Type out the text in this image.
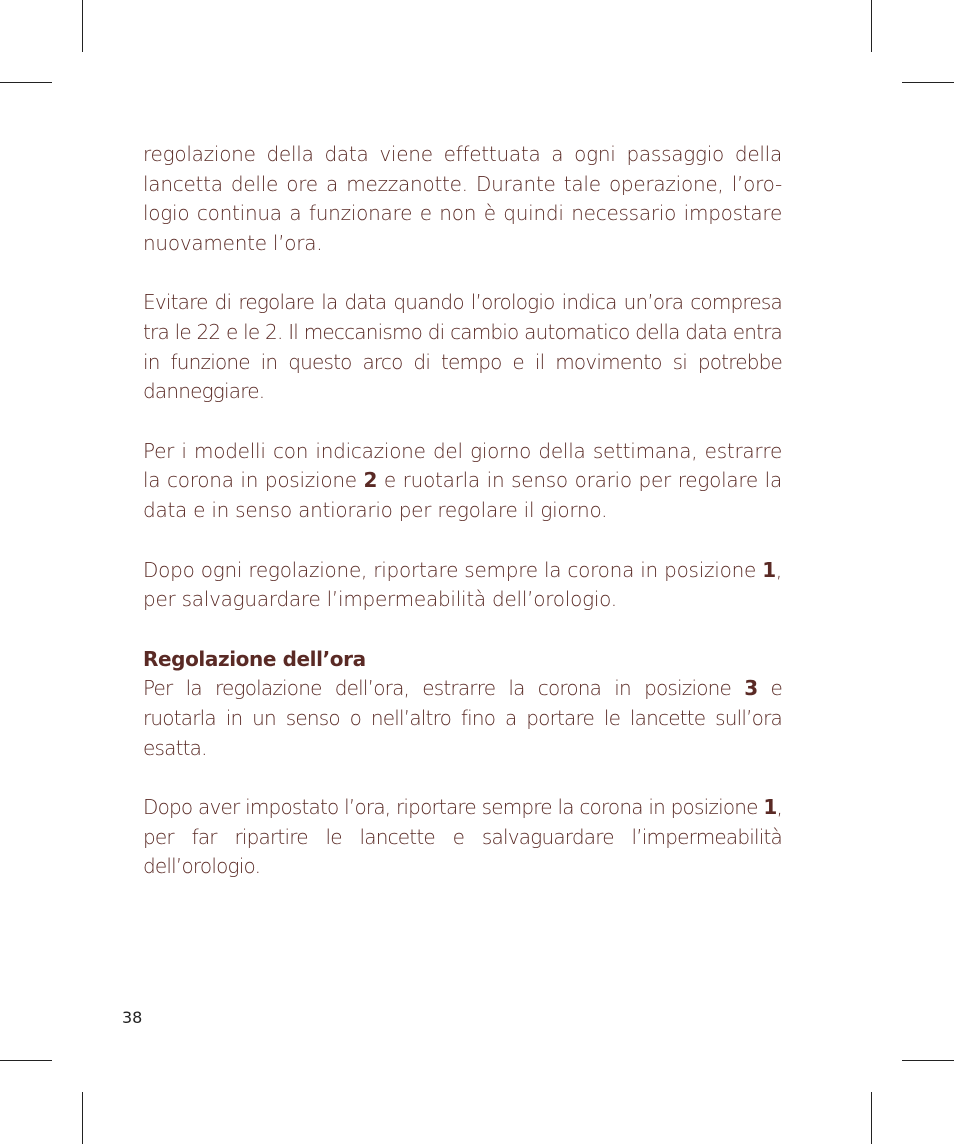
regolazione della data viene effettuata a ogni passaggio della lancetta delle ore a mezzanotte. Durante tale operazione, l’oro-logio continua a funzionare e non è quindi necessario impostare nuovamente l’ora.

Evitare di regolare la data quando l’orologio indica un’ora compresa tra le 22 e le 2. Il meccanismo di cambio automatico della data entra in funzione in questo arco di tempo e il movimento si potrebbe danneggiare.

Per i modelli con indicazione del giorno della settimana, estrarre la corona in posizione 2 e ruotarla in senso orario per regolare la data e in senso antiorario per regolare il giorno.

Dopo ogni regolazione, riportare sempre la corona in posizione 1, per salvaguardare l’impermeabilità dell’orologio.

Regolazione dell’ora

Per la regolazione dell’ora, estrarre la corona in posizione 3 e ruotarla in un senso o nell’altro fino a portare le lancette sull’ora esatta.

Dopo aver impostato l’ora, riportare sempre la corona in posizione 1, per far ripartire le lancette e salvaguardare l’impermeabilità dell’orologio.

38
